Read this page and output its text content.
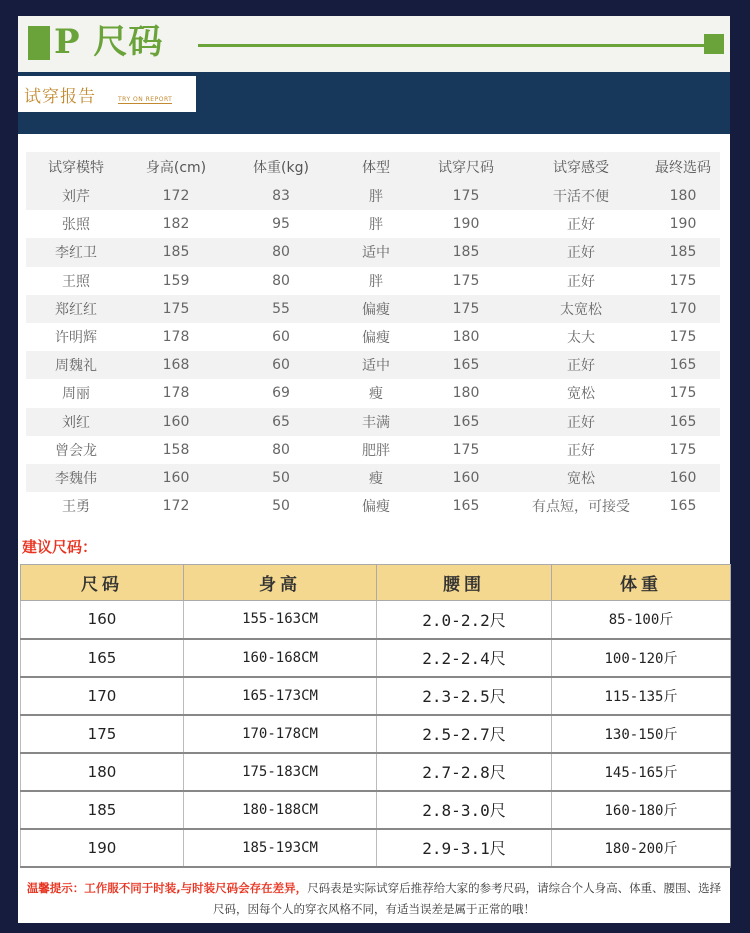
P 尺码
试穿报告	TRY ON REPORT
试穿模特	身高(cm)	体重(kg)	体型	试穿尺码	试穿感受	最终选码
刘芹	172	83	胖	175	干活不便	180
张照	182	95	胖	190	正好	190
李红卫	185	80	适中	185	正好	185
王照	159	80	胖	175	正好	175
郑红红	175	55	偏瘦	175	太宽松	170
许明辉	178	60	偏瘦	180	太大	175
周魏礼	168	60	适中	165	正好	165
周丽	178	69	瘦	180	宽松	175
刘红	160	65	丰满	165	正好	165
曾会龙	158	80	肥胖	175	正好	175
李魏伟	160	50	瘦	160	宽松	160
王勇	172	50	偏瘦	165	有点短，可接受	165
建议尺码：
尺码	身高	腰围	体重
160	155-163CM	2.0-2.2尺	85-100斤
165	160-168CM	2.2-2.4尺	100-120斤
170	165-173CM	2.3-2.5尺	115-135斤
175	170-178CM	2.5-2.7尺	130-150斤
180	175-183CM	2.7-2.8尺	145-165斤
185	180-188CM	2.8-3.0尺	160-180斤
190	185-193CM	2.9-3.1尺	180-200斤
温馨提示：工作服不同于时装,与时装尺码会存在差异，尺码表是实际试穿后推荐给大家的参考尺码，请综合个人身高、体重、腰围、选择尺码，因每个人的穿衣风格不同，有适当误差是属于正常的哦！
